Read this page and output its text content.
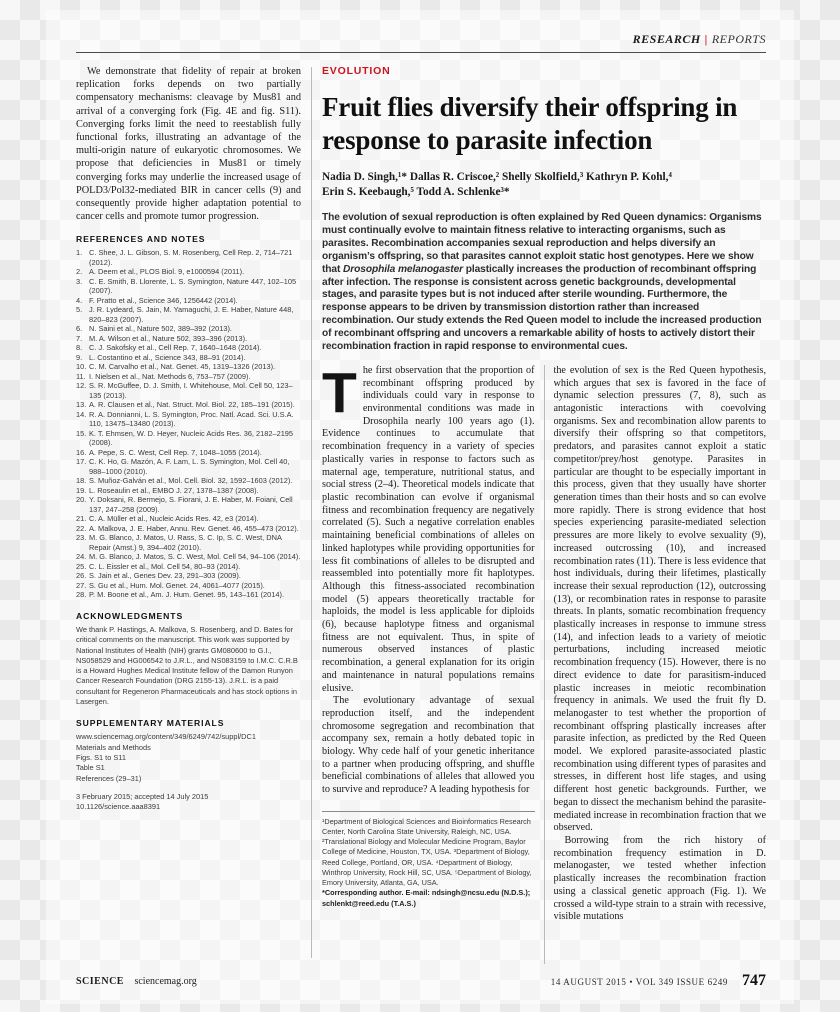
RESEARCH | REPORTS

We demonstrate that fidelity of repair at broken replication forks depends on two partially compensatory mechanisms: cleavage by Mus81 and arrival of a converging fork (Fig. 4E and fig. S11). Converging forks limit the need to reestablish fully functional forks, illustrating an advantage of the multi-origin nature of eukaryotic chromosomes. We propose that deficiencies in Mus81 or timely converging forks may underlie the increased usage of POLD3/Pol32-mediated BIR in cancer cells (9) and consequently provide higher adaptation potential to cancer cells and promote tumor progression.

REFERENCES AND NOTES
1. C. Shee, J. L. Gibson, S. M. Rosenberg, Cell Rep. 2, 714–721 (2012).
2. A. Deem et al., PLOS Biol. 9, e1000594 (2011).
3. C. E. Smith, B. Llorente, L. S. Symington, Nature 447, 102–105 (2007).
4. F. Pratto et al., Science 346, 1256442 (2014).
5. J. R. Lydeard, S. Jain, M. Yamaguchi, J. E. Haber, Nature 448, 820–823 (2007).
6. N. Saini et al., Nature 502, 389–392 (2013).
7. M. A. Wilson et al., Nature 502, 393–396 (2013).
8. C. J. Sakofsky et al., Cell Rep. 7, 1640–1648 (2014).
9. L. Costantino et al., Science 343, 88–91 (2014).
10. C. M. Carvalho et al., Nat. Genet. 45, 1319–1326 (2013).
11. I. Nielsen et al., Nat. Methods 6, 753–757 (2009).
12. S. R. McGuffee, D. J. Smith, I. Whitehouse, Mol. Cell 50, 123–135 (2013).
13. A. R. Clausen et al., Nat. Struct. Mol. Biol. 22, 185–191 (2015).
14. R. A. Donnianni, L. S. Symington, Proc. Natl. Acad. Sci. U.S.A. 110, 13475–13480 (2013).
15. K. T. Ehmsen, W. D. Heyer, Nucleic Acids Res. 36, 2182–2195 (2008).
16. A. Pepe, S. C. West, Cell Rep. 7, 1048–1055 (2014).
17. C. K. Ho, G. Mazón, A. F. Lam, L. S. Symington, Mol. Cell 40, 988–1000 (2010).
18. S. Muñoz-Galván et al., Mol. Cell. Biol. 32, 1592–1603 (2012).
19. L. Roseaulin et al., EMBO J. 27, 1378–1387 (2008).
20. Y. Doksani, R. Bermejo, S. Fiorani, J. E. Haber, M. Foiani, Cell 137, 247–258 (2009).
21. C. A. Müller et al., Nucleic Acids Res. 42, e3 (2014).
22. A. Malkova, J. E. Haber, Annu. Rev. Genet. 46, 455–473 (2012).
23. M. G. Blanco, J. Matos, U. Rass, S. C. Ip, S. C. West, DNA Repair (Amst.) 9, 394–402 (2010).
24. M. G. Blanco, J. Matos, S. C. West, Mol. Cell 54, 94–106 (2014).
25. C. L. Eissler et al., Mol. Cell 54, 80–93 (2014).
26. S. Jain et al., Genes Dev. 23, 291–303 (2009).
27. S. Gu et al., Hum. Mol. Genet. 24, 4061–4077 (2015).
28. P. M. Boone et al., Am. J. Hum. Genet. 95, 143–161 (2014).
ACKNOWLEDGMENTS

We thank P. Hastings, A. Malkova, S. Rosenberg, and D. Bates for critical comments on the manuscript. This work was supported by National Institutes of Health (NIH) grants GM080600 to G.I., NS058529 and HG006542 to J.R.L., and NS083159 to I.M.C. C.R.B is a Howard Hughes Medical Institute fellow of the Damon Runyon Cancer Research Foundation (DRG 2155-13). J.R.L. is a paid consultant for Regeneron Pharmaceuticals and has stock options in Lasergen.

SUPPLEMENTARY MATERIALS
www.sciencemag.org/content/349/6249/742/suppl/DC1
Materials and Methods
Figs. S1 to S11
Table S1
References (29–31)
3 February 2015; accepted 14 July 2015
10.1126/science.aaa8391
EVOLUTION
Fruit flies diversify their offspring in response to parasite infection
Nadia D. Singh,¹* Dallas R. Criscoe,² Shelly Skolfield,³ Kathryn P. Kohl,⁴
Erin S. Keebaugh,⁵ Todd A. Schlenke³*

The evolution of sexual reproduction is often explained by Red Queen dynamics: Organisms must continually evolve to maintain fitness relative to interacting organisms, such as parasites. Recombination accompanies sexual reproduction and helps diversify an organism’s offspring, so that parasites cannot exploit static host genotypes. Here we show that Drosophila melanogaster plastically increases the production of recombinant offspring after infection. The response is consistent across genetic backgrounds, developmental stages, and parasite types but is not induced after sterile wounding. Furthermore, the response appears to be driven by transmission distortion rather than increased recombination. Our study extends the Red Queen model to include the increased production of recombinant offspring and uncovers a remarkable ability of hosts to actively distort their recombination fraction in rapid response to environmental cues.

The first observation that the proportion of recombinant offspring produced by individuals could vary in response to environmental conditions was made in Drosophila nearly 100 years ago (1). Evidence continues to accumulate that recombination frequency in a variety of species plastically varies in response to factors such as maternal age, temperature, nutritional status, and social stress (2–4). Theoretical models indicate that plastic recombination can evolve if organismal fitness and recombination frequency are negatively correlated (5). Such a negative correlation enables maintaining beneficial combinations of alleles on linked haplotypes while providing opportunities for less fit combinations of alleles to be disrupted and reassembled into potentially more fit haplotypes. Although this fitness-associated recombination model (5) appears theoretically tractable for haploids, the model is less applicable for diploids (6), because haplotype fitness and organismal fitness are not equivalent. Thus, in spite of numerous observed instances of plastic recombination, a general explanation for its origin and maintenance in natural populations remains elusive.

The evolutionary advantage of sexual reproduction itself, and the independent chromosome segregation and recombination that accompany sex, remain a hotly debated topic in biology. Why cede half of your genetic inheritance to a partner when producing offspring, and shuffle beneficial combinations of alleles that allowed you to survive and reproduce? A leading hypothesis for

¹Department of Biological Sciences and Bioinformatics Research Center, North Carolina State University, Raleigh, NC, USA. ²Translational Biology and Molecular Medicine Program, Baylor College of Medicine, Houston, TX, USA. ³Department of Biology, Reed College, Portland, OR, USA. ⁴Department of Biology, Winthrop University, Rock Hill, SC, USA. ⁵Department of Biology, Emory University, Atlanta, GA, USA.
*Corresponding author. E-mail: ndsingh@ncsu.edu (N.D.S.); schlenkt@reed.edu (T.A.S.)

the evolution of sex is the Red Queen hypothesis, which argues that sex is favored in the face of dynamic selection pressures (7, 8), such as antagonistic interactions with coevolving organisms. Sex and recombination allow parents to diversify their offspring so that competitors, predators, and parasites cannot exploit a static competitor/prey/host genotype. Parasites in particular are thought to be especially important in this process, given that they usually have shorter generation times than their hosts and so can evolve more rapidly. There is strong evidence that host species experiencing parasite-mediated selection pressures are more likely to evolve sexuality (9), increased outcrossing (10), and increased recombination rates (11). There is less evidence that host individuals, during their lifetimes, plastically increase their sexual reproduction (12), outcrossing (13), or recombination rates in response to parasite threats. In plants, somatic recombination frequency plastically increases in response to immune stress (14), and infection leads to a variety of meiotic perturbations, including increased meiotic recombination frequency (15). However, there is no direct evidence to date for parasitism-induced plastic increases in meiotic recombination frequency in animals. We used the fruit fly D. melanogaster to test whether the proportion of recombinant offspring plastically increases after parasite infection, as predicted by the Red Queen model. We explored parasite-associated plastic recombination using different types of parasites and stresses, in different host life stages, and using different host genetic backgrounds. Further, we began to dissect the mechanism behind the parasite-mediated increase in recombination fraction that we observed.

Borrowing from the rich history of recombination frequency estimation in D. melanogaster, we tested whether infection plastically increases the recombination fraction using a classical genetic approach (Fig. 1). We crossed a wild-type strain to a strain with recessive, visible mutations

SCIENCE sciencemag.org	14 AUGUST 2015 • VOL 349 ISSUE 6249 747
